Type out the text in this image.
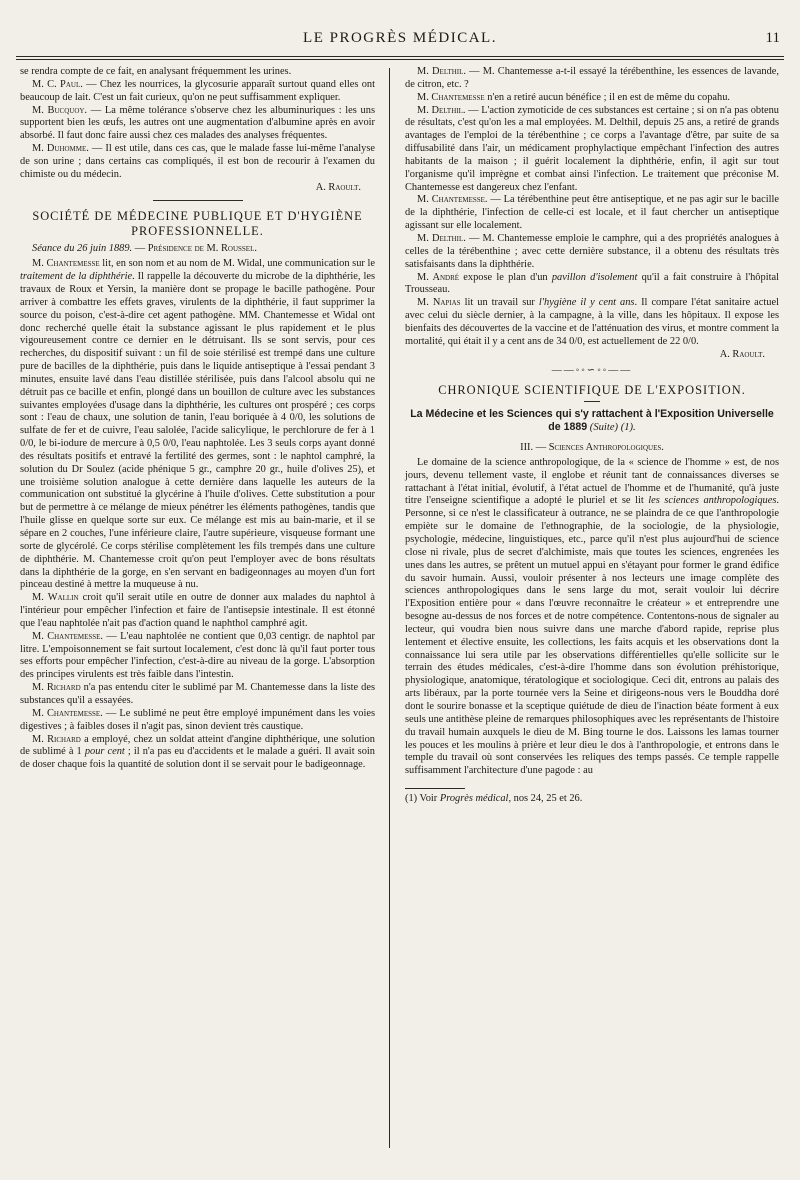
LE PROGRÈS MÉDICAL.	11

se rendra compte de ce fait, en analysant fréquemment les urines.

M. C. Paul. — Chez les nourrices, la glycosurie apparaît surtout quand elles ont beaucoup de lait. C'est un fait curieux, qu'on ne peut suffisamment expliquer.

M. Bucquoy. — La même tolérance s'observe chez les albuminuriques : les uns supportent bien les œufs, les autres ont une augmentation d'albumine après en avoir absorbé. Il faut donc faire aussi chez ces malades des analyses fréquentes.

M. Duhomme. — Il est utile, dans ces cas, que le malade fasse lui-même l'analyse de son urine ; dans certains cas compliqués, il est bon de recourir à l'examen du chimiste ou du médecin.

A. Raoult.

SOCIÉTÉ DE MÉDECINE PUBLIQUE ET D'HYGIÈNE PROFESSIONNELLE.

Séance du 26 juin 1889. — Présidence de M. Roussel.

M. Chantemesse lit, en son nom et au nom de M. Widal, une communication sur le traitement de la diphthérie. Il rappelle la découverte du microbe de la diphthérie, les travaux de Roux et Yersin, la manière dont se propage le bacille pathogène. Pour arriver à combattre les effets graves, virulents de la diphthérie, il faut supprimer la source du poison, c'est-à-dire cet agent pathogène. MM. Chantemesse et Widal ont donc recherché quelle était la substance agissant le plus rapidement et le plus vigoureusement contre ce dernier en le détruisant. Ils se sont servis, pour ces recherches, du dispositif suivant : un fil de soie stérilisé est trempé dans une culture pure de bacilles de la diphthérie, puis dans le liquide antiseptique à l'essai pendant 3 minutes, ensuite lavé dans l'eau distillée stérilisée, puis dans l'alcool absolu qui ne détruit pas ce bacille et enfin, plongé dans un bouillon de culture avec les substances suivantes employées d'usage dans la diphthérie, les cultures ont prospéré ; ces corps sont : l'eau de chaux, une solution de tanin, l'eau boriquée à 4 0/0, les solutions de sulfate de fer et de cuivre, l'eau salolée, l'acide salicylique, le perchlorure de fer à 1 0/0, le bi-iodure de mercure à 0,5 0/0, l'eau naphtolée. Les 3 seuls corps ayant donné des résultats positifs et entravé la fertilité des germes, sont : le naphtol camphré, la solution du Dr Soulez (acide phénique 5 gr., camphre 20 gr., huile d'olives 25), et une troisième solution analogue à cette dernière dans laquelle les auteurs de la communication ont substitué la glycérine à l'huile d'olives. Cette substitution a pour but de permettre à ce mélange de mieux pénétrer les éléments pathogènes, tandis que l'huile glisse en quelque sorte sur eux. Ce mélange est mis au bain-marie, et il se sépare en 2 couches, l'une inférieure claire, l'autre supérieure, visqueuse formant une sorte de glycérolé. Ce corps stérilise complètement les fils trempés dans une culture de diphthérie. M. Chantemesse croit qu'on peut l'employer avec de bons résultats dans la diphthérie de la gorge, en s'en servant en badigeonnages au moyen d'un fort pinceau destiné à mettre la muqueuse à nu.

M. Wallin croit qu'il serait utile en outre de donner aux malades du naphtol à l'intérieur pour empêcher l'infection et faire de l'antisepsie intestinale. Il est étonné que l'eau naphtolée n'ait pas d'action quand le naphthol camphré agit.

M. Chantemesse. — L'eau naphtolée ne contient que 0,03 centigr. de naphtol par litre. L'empoisonnement se fait surtout localement, c'est donc là qu'il faut porter tous ses efforts pour empêcher l'infection, c'est-à-dire au niveau de la gorge. L'absorption des principes virulents est très faible dans l'intestin.

M. Richard n'a pas entendu citer le sublimé par M. Chantemesse dans la liste des substances qu'il a essayées.

M. Chantemesse. — Le sublimé ne peut être employé impunément dans les voies digestives ; à faibles doses il n'agit pas, sinon devient très caustique.

M. Richard a employé, chez un soldat atteint d'angine diphthérique, une solution de sublimé à 1 pour cent ; il n'a pas eu d'accidents et le malade a guéri. Il avait soin de doser chaque fois la quantité de solution dont il se servait pour le badigeonnage.

M. Delthil. — M. Chantemesse a-t-il essayé la térébenthine, les essences de lavande, de citron, etc. ?

M. Chantemesse n'en a retiré aucun bénéfice ; il en est de même du copahu.

M. Delthil. — L'action zymoticide de ces substances est certaine ; si on n'a pas obtenu de résultats, c'est qu'on les a mal employées. M. Delthil, depuis 25 ans, a retiré de grands avantages de l'emploi de la térébenthine ; ce corps a l'avantage d'être, par suite de sa diffusabilité dans l'air, un médicament prophylactique empêchant l'infection des autres habitants de la maison ; il guérit localement la diphthérie, enfin, il agit sur tout l'organisme qu'il imprègne et combat ainsi l'infection. Le traitement que préconise M. Chantemesse est dangereux chez l'enfant.

M. Chantemesse. — La térébenthine peut être antiseptique, et ne pas agir sur le bacille de la diphthérie, l'infection de celle-ci est locale, et il faut chercher un antiseptique agissant sur elle localement.

M. Delthil. — M. Chantemesse emploie le camphre, qui a des propriétés analogues à celles de la térébenthine ; avec cette dernière substance, il a obtenu des résultats très satisfaisants dans la diphthérie.

M. André expose le plan d'un pavillon d'isolement qu'il a fait construire à l'hôpital Trousseau.

M. Napias lit un travail sur l'hygiène il y cent ans. Il compare l'état sanitaire actuel avec celui du siècle dernier, à la campagne, à la ville, dans les hôpitaux. Il expose les bienfaits des découvertes de la vaccine et de l'atténuation des virus, et montre comment la mortalité, qui était il y a cent ans de 34 0/0, est actuellement de 22 0/0.

A. Raoult.

——◦◦∽◦◦——
CHRONIQUE SCIENTIFIQUE DE L'EXPOSITION.
La Médecine et les Sciences qui s'y rattachent à l'Exposition Universelle de 1889 (Suite) (1).
III. — Sciences Anthropologiques.

Le domaine de la science anthropologique, de la « science de l'homme » est, de nos jours, devenu tellement vaste, il englobe et réunit tant de connaissances diverses se rattachant à l'état initial, évolutif, à l'état actuel de l'homme et de l'humanité, qu'à juste titre l'enseigne scientifique a adopté le pluriel et se lit les sciences anthropologiques. Personne, si ce n'est le classificateur à outrance, ne se plaindra de ce que l'anthropologie empiète sur le domaine de l'ethnographie, de la sociologie, de la physiologie, psychologie, médecine, linguistiques, etc., parce qu'il n'est plus aujourd'hui de science close ni rivale, plus de secret d'alchimiste, mais que toutes les sciences, engrenées les unes dans les autres, se prêtent un mutuel appui en s'étayant pour former le grand édifice du savoir humain. Aussi, vouloir présenter à nos lecteurs une image complète des sciences anthropologiques dans le sens large du mot, serait vouloir lui décrire l'Exposition entière pour « dans l'œuvre reconnaître le créateur » et entreprendre une besogne au-dessus de nos forces et de notre compétence. Contentons-nous de signaler au lecteur, qui voudra bien nous suivre dans une marche d'abord rapide, reprise plus lentement et élective ensuite, les collections, les faits acquis et les observations dont la connaissance lui sera utile par les observations différentielles qu'elle sollicite sur le terrain des études médicales, c'est-à-dire l'homme dans son évolution préhistorique, physiologique, anatomique, tératologique et sociologique. Ceci dit, entrons au palais des arts libéraux, par la porte tournée vers la Seine et dirigeons-nous vers le Bouddha doré dont le sourire bonasse et la sceptique quiétude de dieu de l'inaction béate forment à eux seuls une antithèse pleine de remarques philosophiques avec les représentants de l'histoire du travail humain auxquels le dieu de M. Bing tourne le dos. Laissons les lamas tourner les pouces et les moulins à prière et leur dieu le dos à l'anthropologie, et entrons dans le temple du travail où sont conservées les reliques des temps passés. Ce temple rappelle suffisamment l'architecture d'une pagode : au

(1) Voir Progrès médical, nos 24, 25 et 26.
